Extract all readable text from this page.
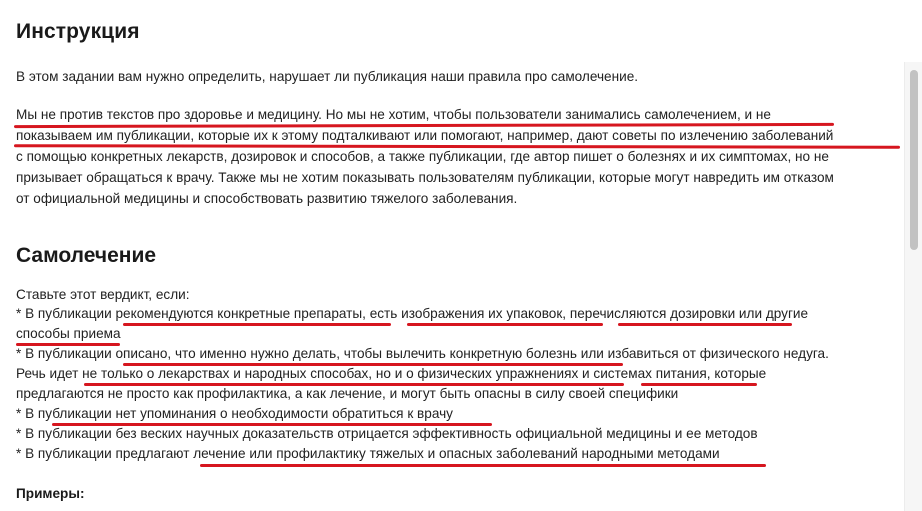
Инструкция
В этом задании вам нужно определить, нарушает ли публикация наши правила про самолечение.
Мы не против текстов про здоровье и медицину. Но мы не хотим, чтобы пользователи занимались самолечением, и не
показываем им публикации, которые их к этому подталкивают или помогают, например, дают советы по излечению заболеваний
с помощью конкретных лекарств, дозировок и способов, а также публикации, где автор пишет о болезнях и их симптомах, но не
призывает обращаться к врачу. Также мы не хотим показывать пользователям публикации, которые могут навредить им отказом
от официальной медицины и способствовать развитию тяжелого заболевания.
Самолечение
Ставьте этот вердикт, если:
* В публикации рекомендуются конкретные препараты, есть изображения их упаковок, перечисляются дозировки или другие
способы приема
* В публикации описано, что именно нужно делать, чтобы вылечить конкретную болезнь или избавиться от физического недуга.
Речь идет не только о лекарствах и народных способах, но и о физических упражнениях и системах питания, которые
предлагаются не просто как профилактика, а как лечение, и могут быть опасны в силу своей специфики
* В публикации нет упоминания о необходимости обратиться к врачу
* В публикации без веских научных доказательств отрицается эффективность официальной медицины и ее методов
* В публикации предлагают лечение или профилактику тяжелых и опасных заболеваний народными методами
Примеры:
